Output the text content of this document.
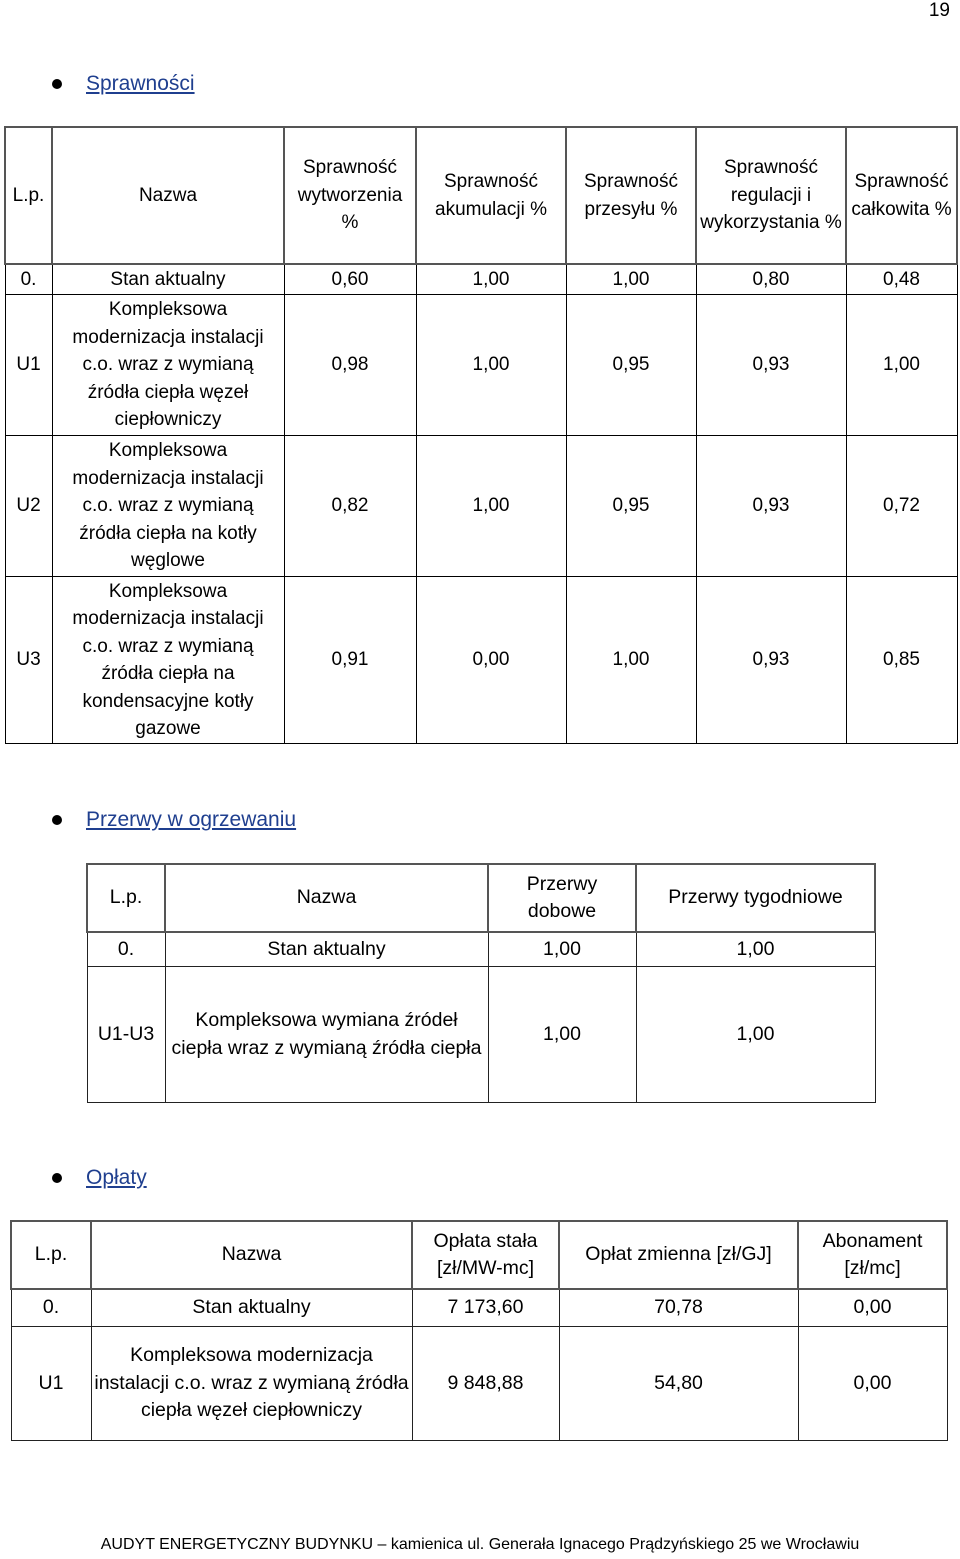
19
Sprawności
L.p.	Nazwa	Sprawność wytworzenia %	Sprawność akumulacji %	Sprawność przesyłu %	Sprawność regulacji i wykorzystania %	Sprawność całkowita %
0.	Stan aktualny	0,60	1,00	1,00	0,80	0,48
U1	Kompleksowa modernizacja instalacji c.o. wraz z wymianą źródła ciepła węzeł ciepłowniczy	0,98	1,00	0,95	0,93	1,00
U2	Kompleksowa modernizacja instalacji c.o. wraz z wymianą źródła ciepła na kotły węglowe	0,82	1,00	0,95	0,93	0,72
U3	Kompleksowa modernizacja instalacji c.o. wraz z wymianą źródła ciepła na kondensacyjne kotły gazowe	0,91	0,00	1,00	0,93	0,85
Przerwy w ogrzewaniu
L.p.	Nazwa	Przerwy dobowe	Przerwy tygodniowe
0.	Stan aktualny	1,00	1,00
U1-U3	Kompleksowa wymiana źródeł ciepła wraz z wymianą źródła ciepła	1,00	1,00
Opłaty
L.p.	Nazwa	Opłata stała [zł/MW-mc]	Opłat zmienna [zł/GJ]	Abonament [zł/mc]
0.	Stan aktualny	7 173,60	70,78	0,00
U1	Kompleksowa modernizacja instalacji c.o. wraz z wymianą źródła ciepła węzeł ciepłowniczy	9 848,88	54,80	0,00
AUDYT ENERGETYCZNY BUDYNKU – kamienica ul. Generała Ignacego Prądzyńskiego 25 we Wrocławiu
